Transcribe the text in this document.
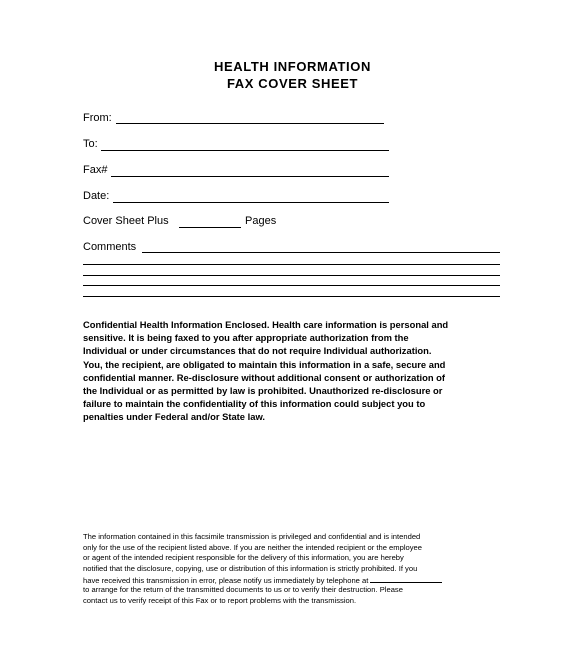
HEALTH INFORMATION
FAX COVER SHEET
From:
To:
Fax#
Date:
Cover Sheet Plus	Pages
Comments
Confidential Health Information Enclosed. Health care information is personal and
sensitive. It is being faxed to you after appropriate authorization from the
Individual or under circumstances that do not require Individual authorization.
You, the recipient, are obligated to maintain this information in a safe, secure and
confidential manner. Re-disclosure without additional consent or authorization of
the Individual or as permitted by law is prohibited. Unauthorized re-disclosure or
failure to maintain the confidentiality of this information could subject you to
penalties under Federal and/or State law.
The information contained in this facsimile transmission is privileged and confidential and is intended
only for the use of the recipient listed above. If you are neither the intended recipient or the employee
or agent of the intended recipient responsible for the delivery of this information, you are hereby
notified that the disclosure, copying, use or distribution of this information is strictly prohibited. If you
have received this transmission in error, please notify us immediately by telephone at
to arrange for the return of the transmitted documents to us or to verify their destruction. Please
contact us to verify receipt of this Fax or to report problems with the transmission.
